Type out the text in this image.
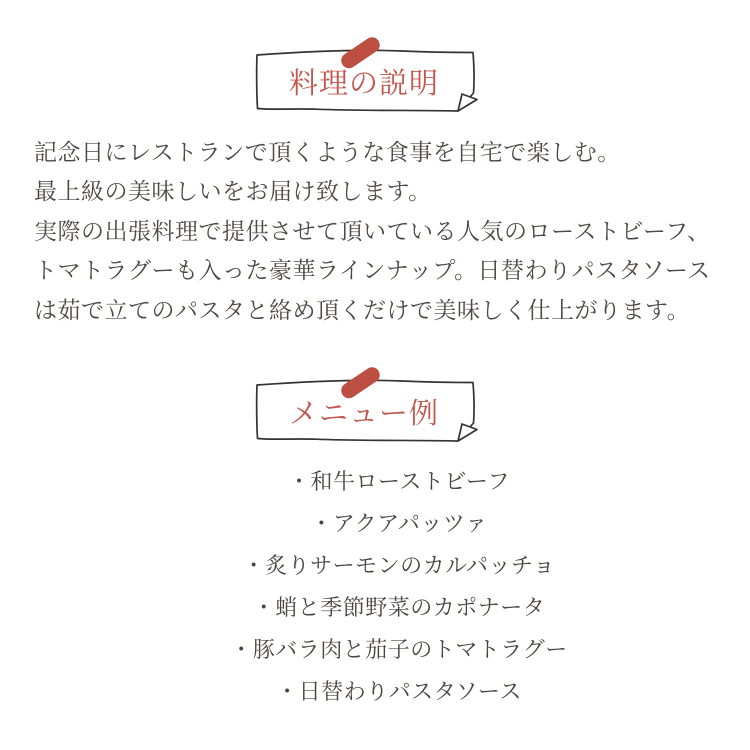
料理の説明
記念日にレストランで頂くような食事を自宅で楽しむ。
最上級の美味しいをお届け致します。
実際の出張料理で提供させて頂いている人気のローストビーフ、
トマトラグーも入った豪華ラインナップ。日替わりパスタソース
は茹で立てのパスタと絡め頂くだけで美味しく仕上がります。
メニュー例
・和牛ローストビーフ
・アクアパッツァ
・炙りサーモンのカルパッチョ
・蛸と季節野菜のカポナータ
・豚バラ肉と茄子のトマトラグー
・日替わりパスタソース
